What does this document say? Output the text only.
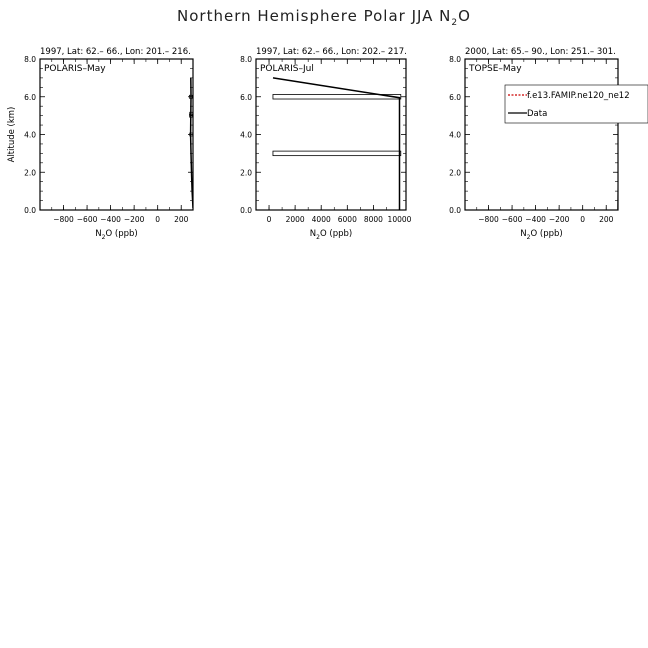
Northern Hemisphere Polar JJA $N_2O$
1997, Lat: 62.– 66., Lon: 201.– 216.
−800 −600 −400 −200 0 200
0.0
2.0
4.0
6.0
8.0
POLARIS–May
$N_2O$ (ppb)
Altitude (km)
1997, Lat: 62.– 66., Lon: 202.– 217.
0 2000 4000 6000 8000 10000
0.0
2.0
4.0
6.0
8.0
POLARIS–Jul
$N_2O$ (ppb)
2000, Lat: 65.– 90., Lon: 251.– 301.
−800 −600 −400 −200 0 200
0.0
2.0
4.0
6.0
8.0
TOPSE–May
$N_2O$ (ppb)
f.e13.FAMIP.ne120_ne12
Data
